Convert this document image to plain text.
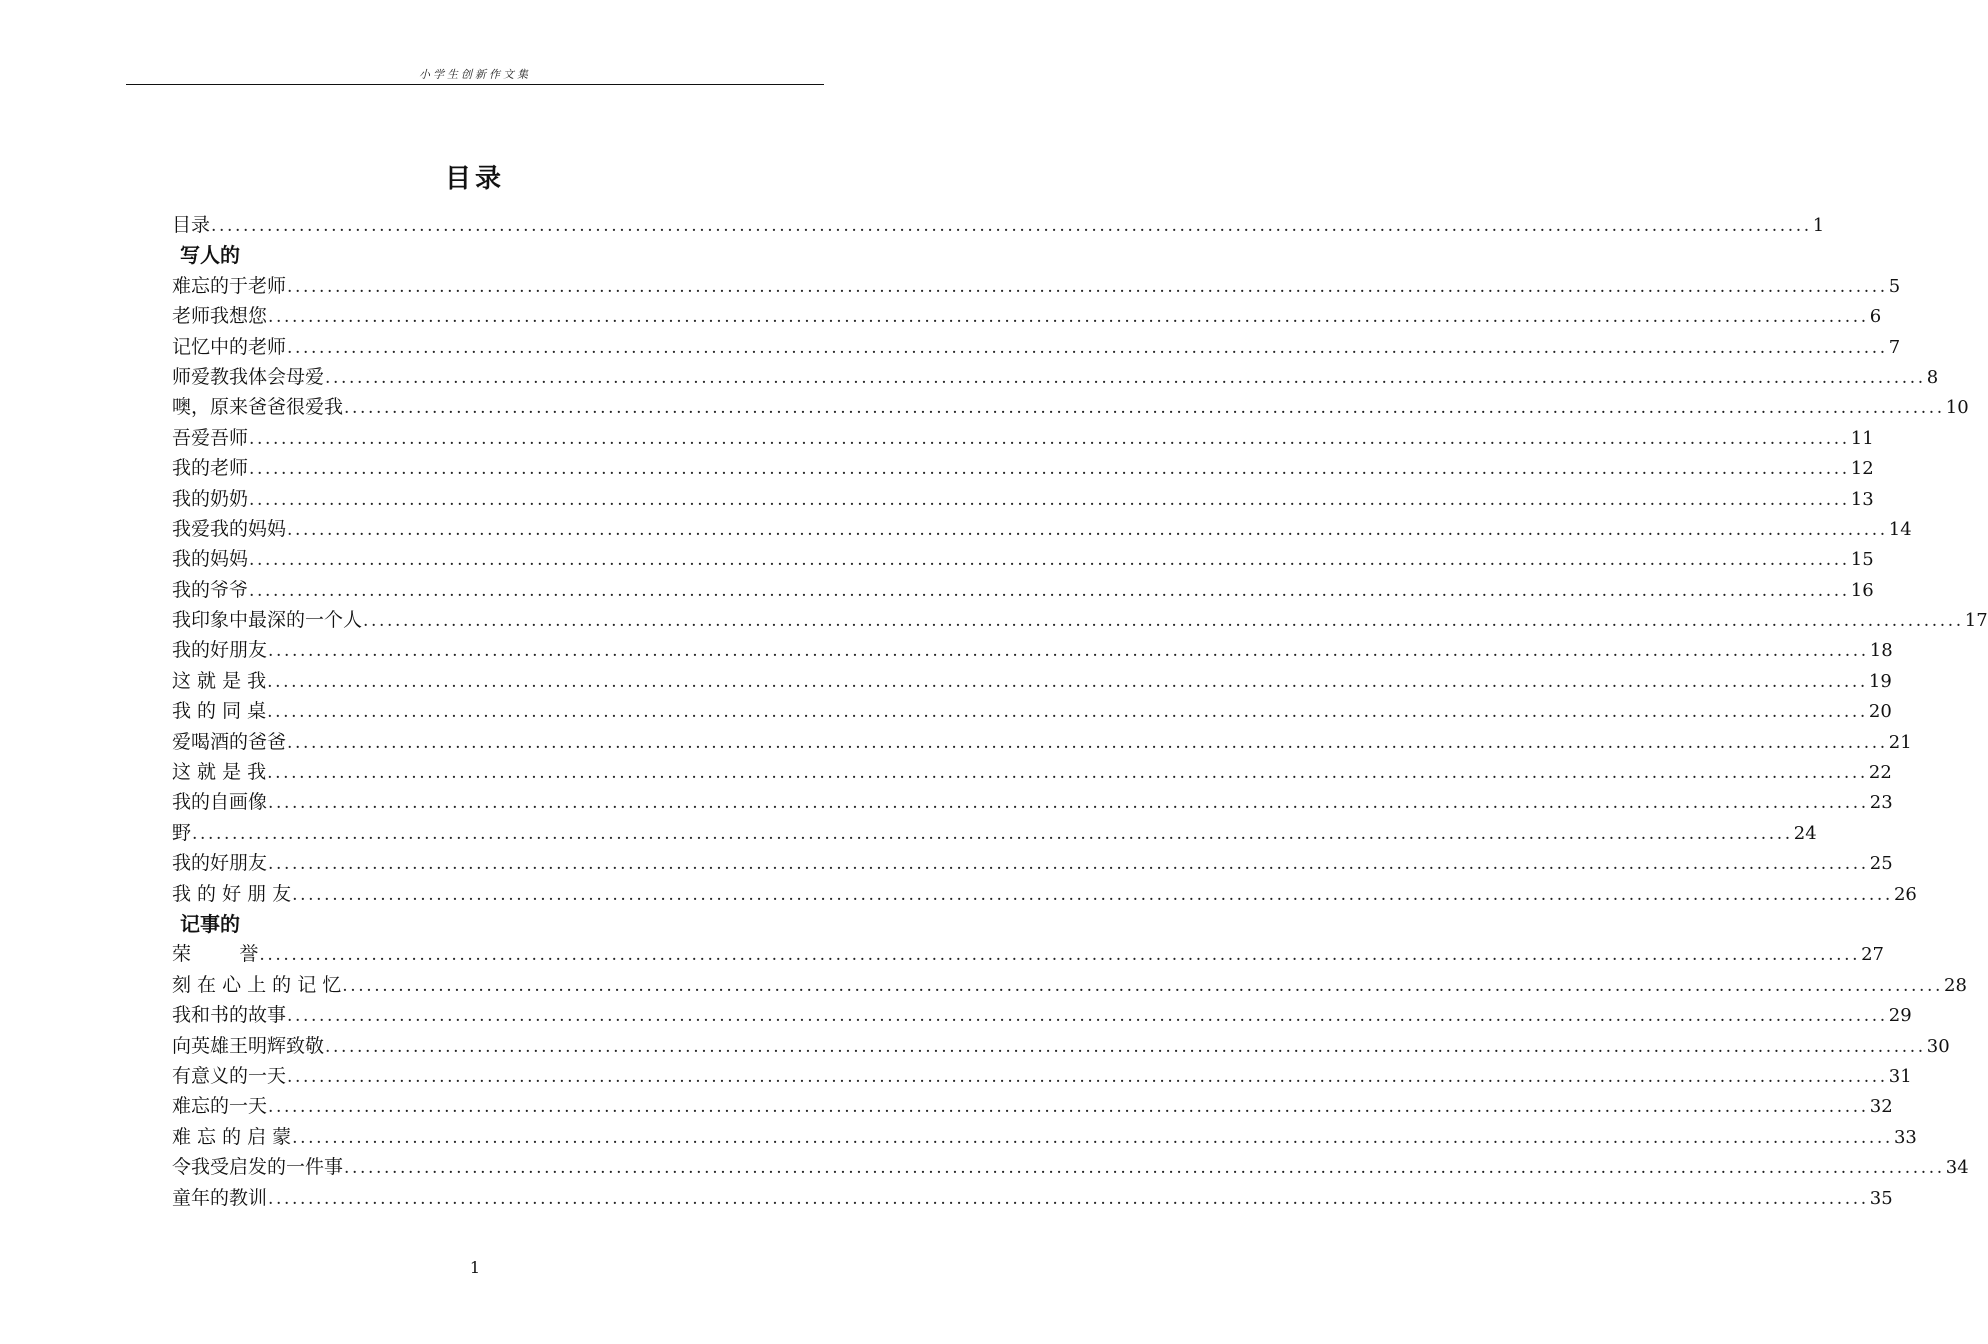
小学生创新作文集
目录
目录 ........................................................................................................................................................................................................ 1
写人的
难忘的于老师 ........................................................................................................................................................................................................ 5
老师我想您 ........................................................................................................................................................................................................ 6
记忆中的老师 ........................................................................................................................................................................................................ 7
师爱教我体会母爱 ........................................................................................................................................................................................................ 8
噢，原来爸爸很爱我 ........................................................................................................................................................................................................ 10
吾爱吾师 ........................................................................................................................................................................................................ 11
我的老师 ........................................................................................................................................................................................................ 12
我的奶奶 ........................................................................................................................................................................................................ 13
我爱我的妈妈 ........................................................................................................................................................................................................ 14
我的妈妈 ........................................................................................................................................................................................................ 15
我的爷爷 ........................................................................................................................................................................................................ 16
我印象中最深的一个人 ........................................................................................................................................................................................................ 17
我的好朋友 ........................................................................................................................................................................................................ 18
这 就 是 我 ........................................................................................................................................................................................................ 19
我 的 同 桌 ........................................................................................................................................................................................................ 20
爱喝酒的爸爸 ........................................................................................................................................................................................................ 21
这 就 是 我 ........................................................................................................................................................................................................ 22
我的自画像 ........................................................................................................................................................................................................ 23
野 ........................................................................................................................................................................................................ 24
我的好朋友 ........................................................................................................................................................................................................ 25
我 的 好 朋 友 ........................................................................................................................................................................................................ 26
记事的
荣        誉 ........................................................................................................................................................................................................ 27
刻 在 心 上 的 记 忆 ........................................................................................................................................................................................................ 28
我和书的故事 ........................................................................................................................................................................................................ 29
向英雄王明辉致敬 ........................................................................................................................................................................................................ 30
有意义的一天 ........................................................................................................................................................................................................ 31
难忘的一天 ........................................................................................................................................................................................................ 32
难 忘 的 启 蒙 ........................................................................................................................................................................................................ 33
令我受启发的一件事 ........................................................................................................................................................................................................ 34
童年的教训 ........................................................................................................................................................................................................ 35
1
